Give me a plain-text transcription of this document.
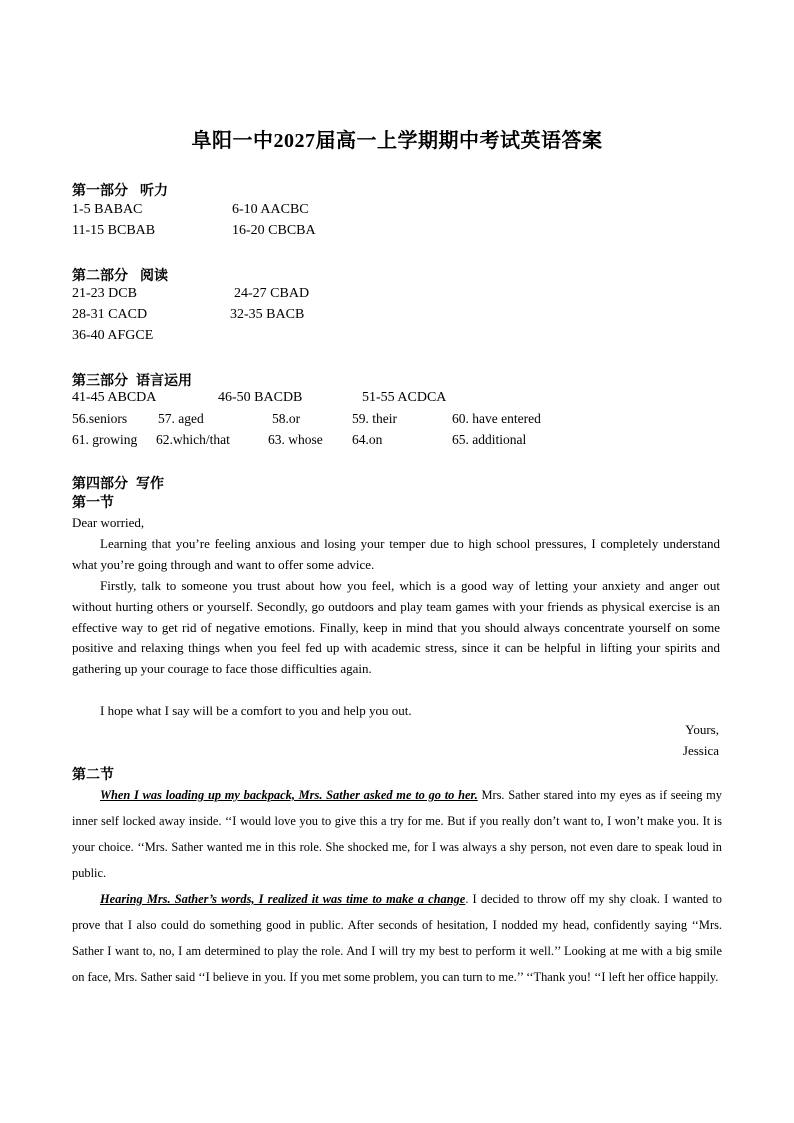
阜阳一中2027届高一上学期期中考试英语答案
第一部分 听力
1-5 BABAC	6-10 AACBC
11-15 BCBAB	16-20 CBCBA
第二部分 阅读
21-23 DCB	24-27 CBAD
28-31 CACD	32-35 BACB
36-40 AFGCE
第三部分 语言运用
41-45 ABCDA	46-50 BACDB	51-55 ACDCA
56.seniors 57. aged	58.or	59. their	60. have entered
61. growing 62.which/that	63. whose 64.on	65. additional
第四部分 写作
第一节
Dear worried,
Learning that you’re feeling anxious and losing your temper due to high school pressures, I completely understand what you’re going through and want to offer some advice.
Firstly, talk to someone you trust about how you feel, which is a good way of letting your anxiety and anger out without hurting others or yourself. Secondly, go outdoors and play team games with your friends as physical exercise is an effective way to get rid of negative emotions. Finally, keep in mind that you should always concentrate yourself on some positive and relaxing things when you feel fed up with academic stress, since it can be helpful in lifting your spirits and gathering up your courage to face those difficulties again.
I hope what I say will be a comfort to you and help you out.
Yours,
Jessica
第二节
When I was loading up my backpack, Mrs. Sather asked me to go to her. Mrs. Sather stared into my eyes as if seeing my inner self locked away inside. ‘‘I would love you to give this a try for me. But if you really don’t want to, I won’t make you. It is your choice. ‘‘Mrs. Sather wanted me in this role. She shocked me, for I was always a shy person, not even dare to speak loud in public.
Hearing Mrs. Sather’s words, I realized it was time to make a change. I decided to throw off my shy cloak. I wanted to prove that I also could do something good in public. After seconds of hesitation, I nodded my head, confidently saying ‘‘Mrs. Sather I want to, no, I am determined to play the role. And I will try my best to perform it well.’’ Looking at me with a big smile on face, Mrs. Sather said ‘‘I believe in you. If you met some problem, you can turn to me.’’ ‘‘Thank you! ‘‘I left her office happily.
